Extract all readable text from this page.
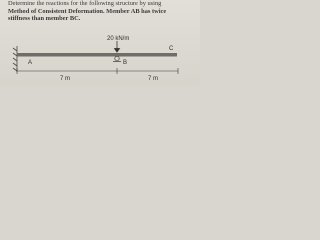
Determine the reactions for the following structure by using
Method of Consistent Deformation. Member AB has twice
stiffness than member BC.
20 kN/m
A	B
C
7 m	7 m
